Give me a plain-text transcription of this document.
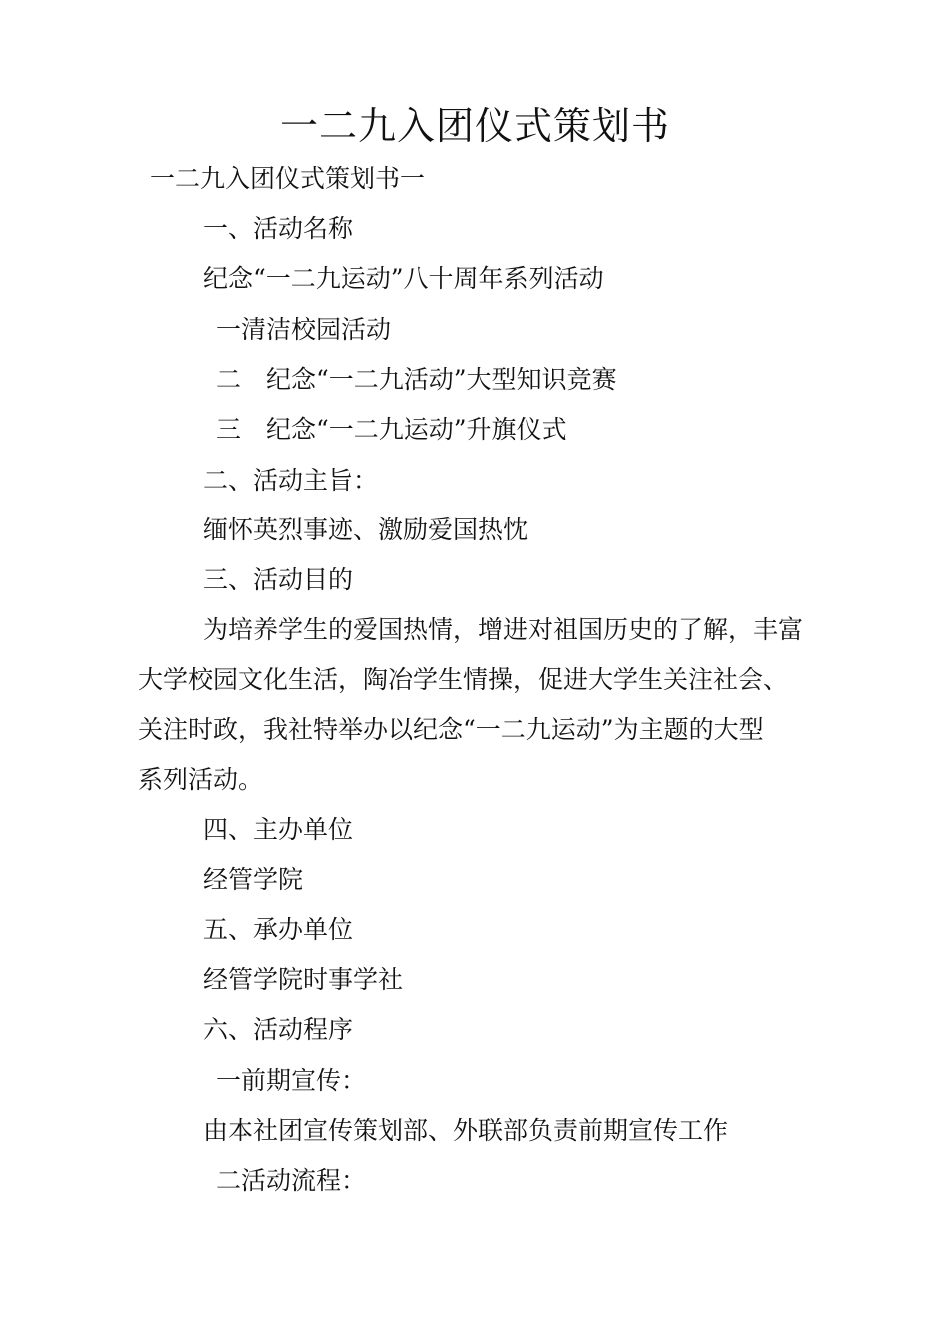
一二九入团仪式策划书
一二九入团仪式策划书一
一、活动名称
纪念“一二九运动”八十周年系列活动
一清洁校园活动
二　纪念“一二九活动”大型知识竞赛
三　纪念“一二九运动”升旗仪式
二、活动主旨：
缅怀英烈事迹、激励爱国热忱
三、活动目的
为培养学生的爱国热情，增进对祖国历史的了解，丰富
大学校园文化生活，陶冶学生情操，促进大学生关注社会、
关注时政，我社特举办以纪念“一二九运动”为主题的大型
系列活动。
四、主办单位
经管学院
五、承办单位
经管学院时事学社
六、活动程序
一前期宣传：
由本社团宣传策划部、外联部负责前期宣传工作
二活动流程：
